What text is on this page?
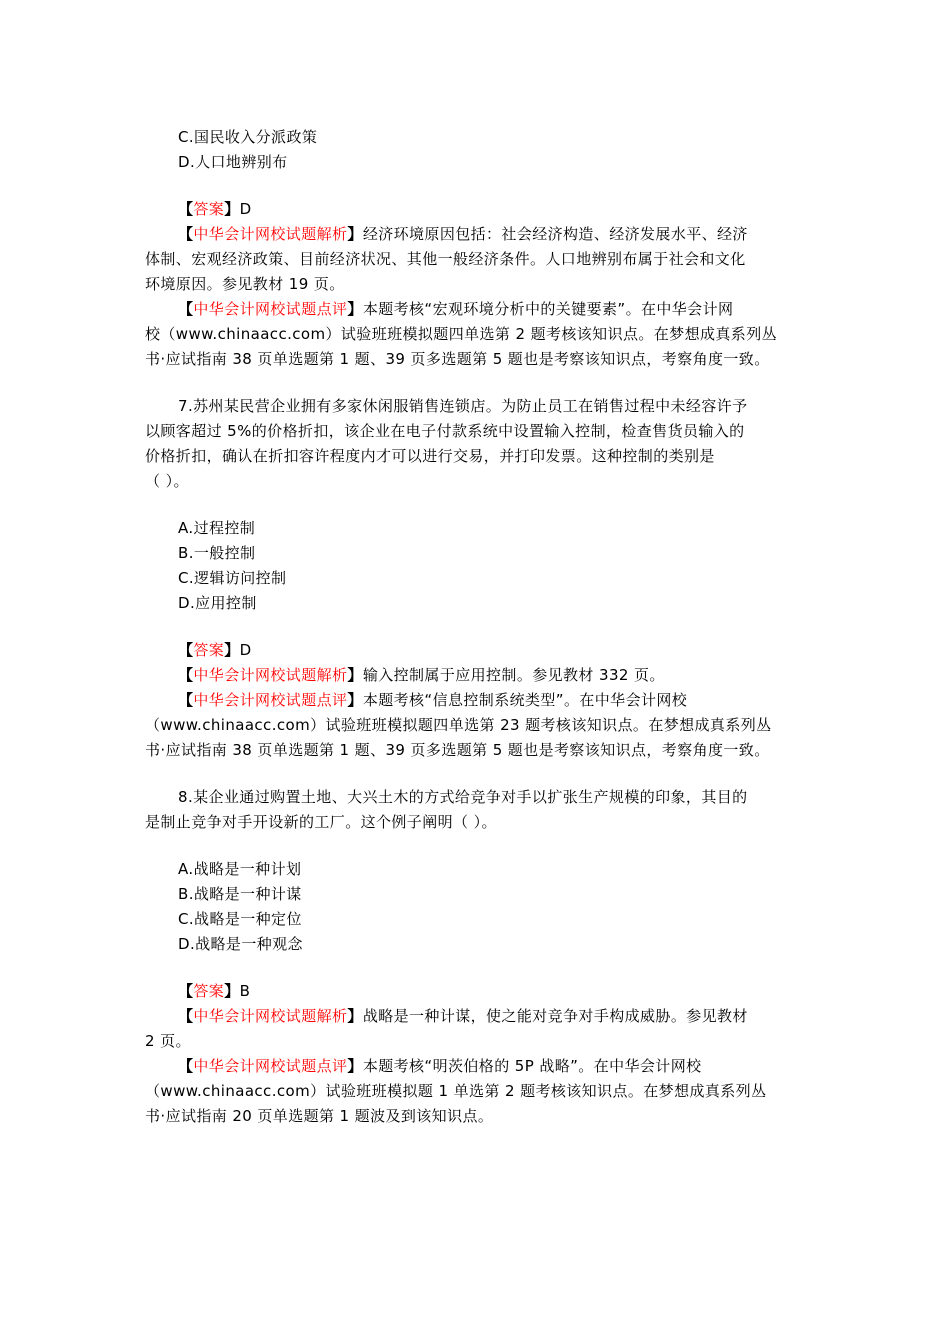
C.国民收入分派政策
D.人口地辨别布
【答案】D
【中华会计网校试题解析】经济环境原因包括：社会经济构造、经济发展水平、经济
体制、宏观经济政策、目前经济状况、其他一般经济条件。人口地辨别布属于社会和文化
环境原因。参见教材 19 页。
【中华会计网校试题点评】本题考核“宏观环境分析中的关键要素”。在中华会计网
校（www.chinaacc.com）试验班班模拟题四单选第 2 题考核该知识点。在梦想成真系列丛
书·应试指南 38 页单选题第 1 题、39 页多选题第 5 题也是考察该知识点，考察角度一致。
7.苏州某民营企业拥有多家休闲服销售连锁店。为防止员工在销售过程中未经容许予
以顾客超过 5%的价格折扣，该企业在电子付款系统中设置输入控制，检查售货员输入的
价格折扣，确认在折扣容许程度内才可以进行交易，并打印发票。这种控制的类别是
（ ）。
A.过程控制
B.一般控制
C.逻辑访问控制
D.应用控制
【答案】D
【中华会计网校试题解析】输入控制属于应用控制。参见教材 332 页。
【中华会计网校试题点评】本题考核“信息控制系统类型”。在中华会计网校
（www.chinaacc.com）试验班班模拟题四单选第 23 题考核该知识点。在梦想成真系列丛
书·应试指南 38 页单选题第 1 题、39 页多选题第 5 题也是考察该知识点，考察角度一致。
8.某企业通过购置土地、大兴土木的方式给竞争对手以扩张生产规模的印象，其目的
是制止竞争对手开设新的工厂。这个例子阐明（ ）。
A.战略是一种计划
B.战略是一种计谋
C.战略是一种定位
D.战略是一种观念
【答案】B
【中华会计网校试题解析】战略是一种计谋，使之能对竞争对手构成威胁。参见教材
2 页。
【中华会计网校试题点评】本题考核“明茨伯格的 5P 战略”。在中华会计网校
（www.chinaacc.com）试验班班模拟题 1 单选第 2 题考核该知识点。在梦想成真系列丛
书·应试指南 20 页单选题第 1 题波及到该知识点。
